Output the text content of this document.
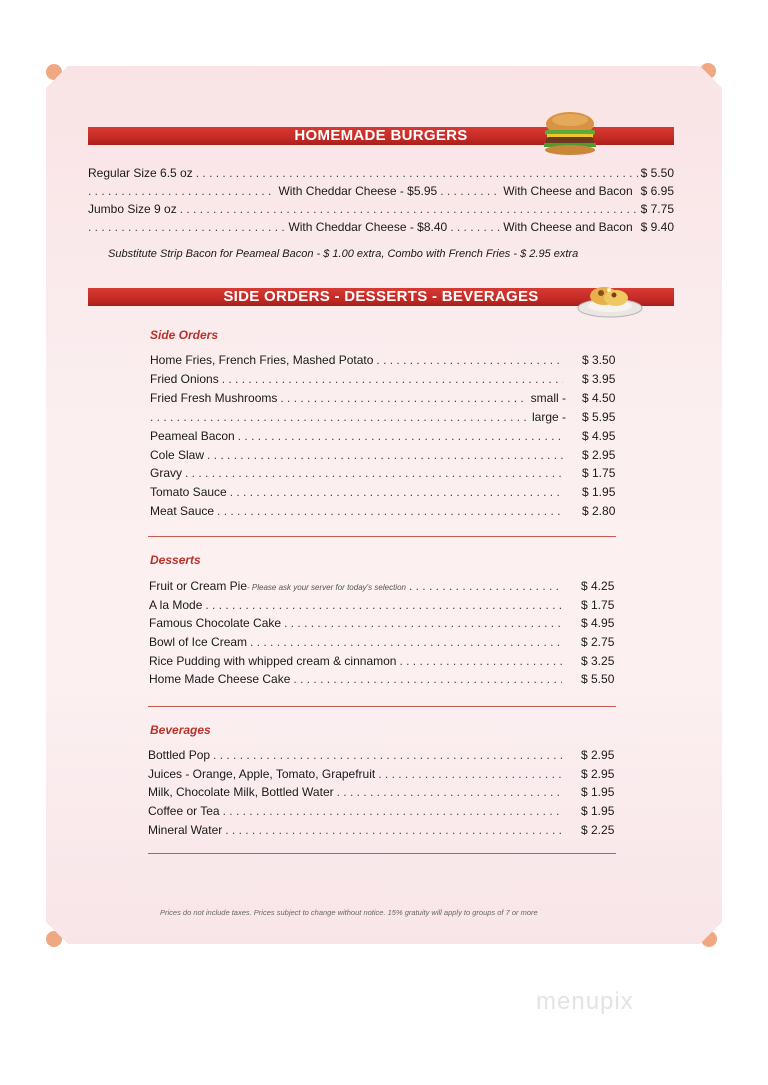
HOMEMADE BURGERS
Regular Size 6.5 oz . . .	$ 5.50
. . .
With Cheddar Cheese - $5.95 . . .	With Cheese and Bacon $ 6.95
Jumbo Size 9 oz . . .	$ 7.75
. . .
With Cheddar Cheese - $8.40 . . .	With Cheese and Bacon $ 9.40
Substitute Strip Bacon for Peameal Bacon - $ 1.00 extra, Combo with French Fries - $ 2.95 extra
SIDE ORDERS - DESSERTS - BEVERAGES
Side Orders
Home Fries, French Fries, Mashed Potato . . .	$ 3.50
Fried Onions . . .	$ 3.95
Fried Fresh Mushrooms . . .	small - $ 4.50
. . .
large - $ 5.95
Peameal Bacon . . .	$ 4.95
Cole Slaw . . .	$ 2.95
Gravy . . .	$ 1.75
Tomato Sauce . . .	$ 1.95
Meat Sauce . . .	$ 2.80
Desserts
Fruit or Cream Pie - Please ask your server for today's selection . . .	$ 4.25
A la Mode . . .	$ 1.75
Famous Chocolate Cake . . .	$ 4.95
Bowl of Ice Cream . . .	$ 2.75
Rice Pudding with whipped cream & cinnamon . . .	$ 3.25
Home Made Cheese Cake . . .	$ 5.50
Beverages
Bottled Pop . . .	$ 2.95
Juices - Orange, Apple, Tomato, Grapefruit . . .	$ 2.95
Milk, Chocolate Milk, Bottled Water . . .	$ 1.95
Coffee or Tea . . .	$ 1.95
Mineral Water . . .	$ 2.25
Prices do not include taxes. Prices subject to change without notice. 15% gratuity will apply to groups of 7 or more
menupix
